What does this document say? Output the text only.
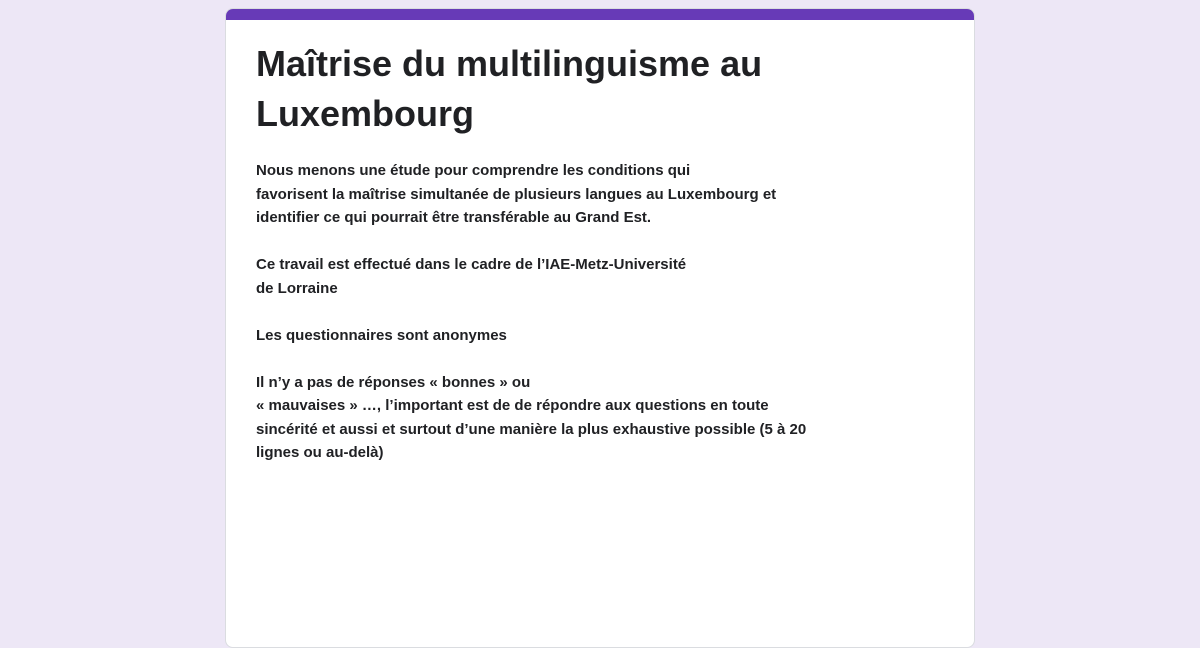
Maîtrise du multilinguisme au
Luxembourg
Nous menons une étude pour comprendre les conditions qui
favorisent la maîtrise simultanée de plusieurs langues au Luxembourg et
identifier ce qui pourrait être transférable au Grand Est.
Ce travail est effectué dans le cadre de l’IAE-Metz-Université
de Lorraine
Les questionnaires sont anonymes
Il n’y a pas de réponses « bonnes » ou
« mauvaises » …, l’important est de de répondre aux questions en toute
sincérité et aussi et surtout d’une manière la plus exhaustive possible (5 à 20
lignes ou au-delà)
